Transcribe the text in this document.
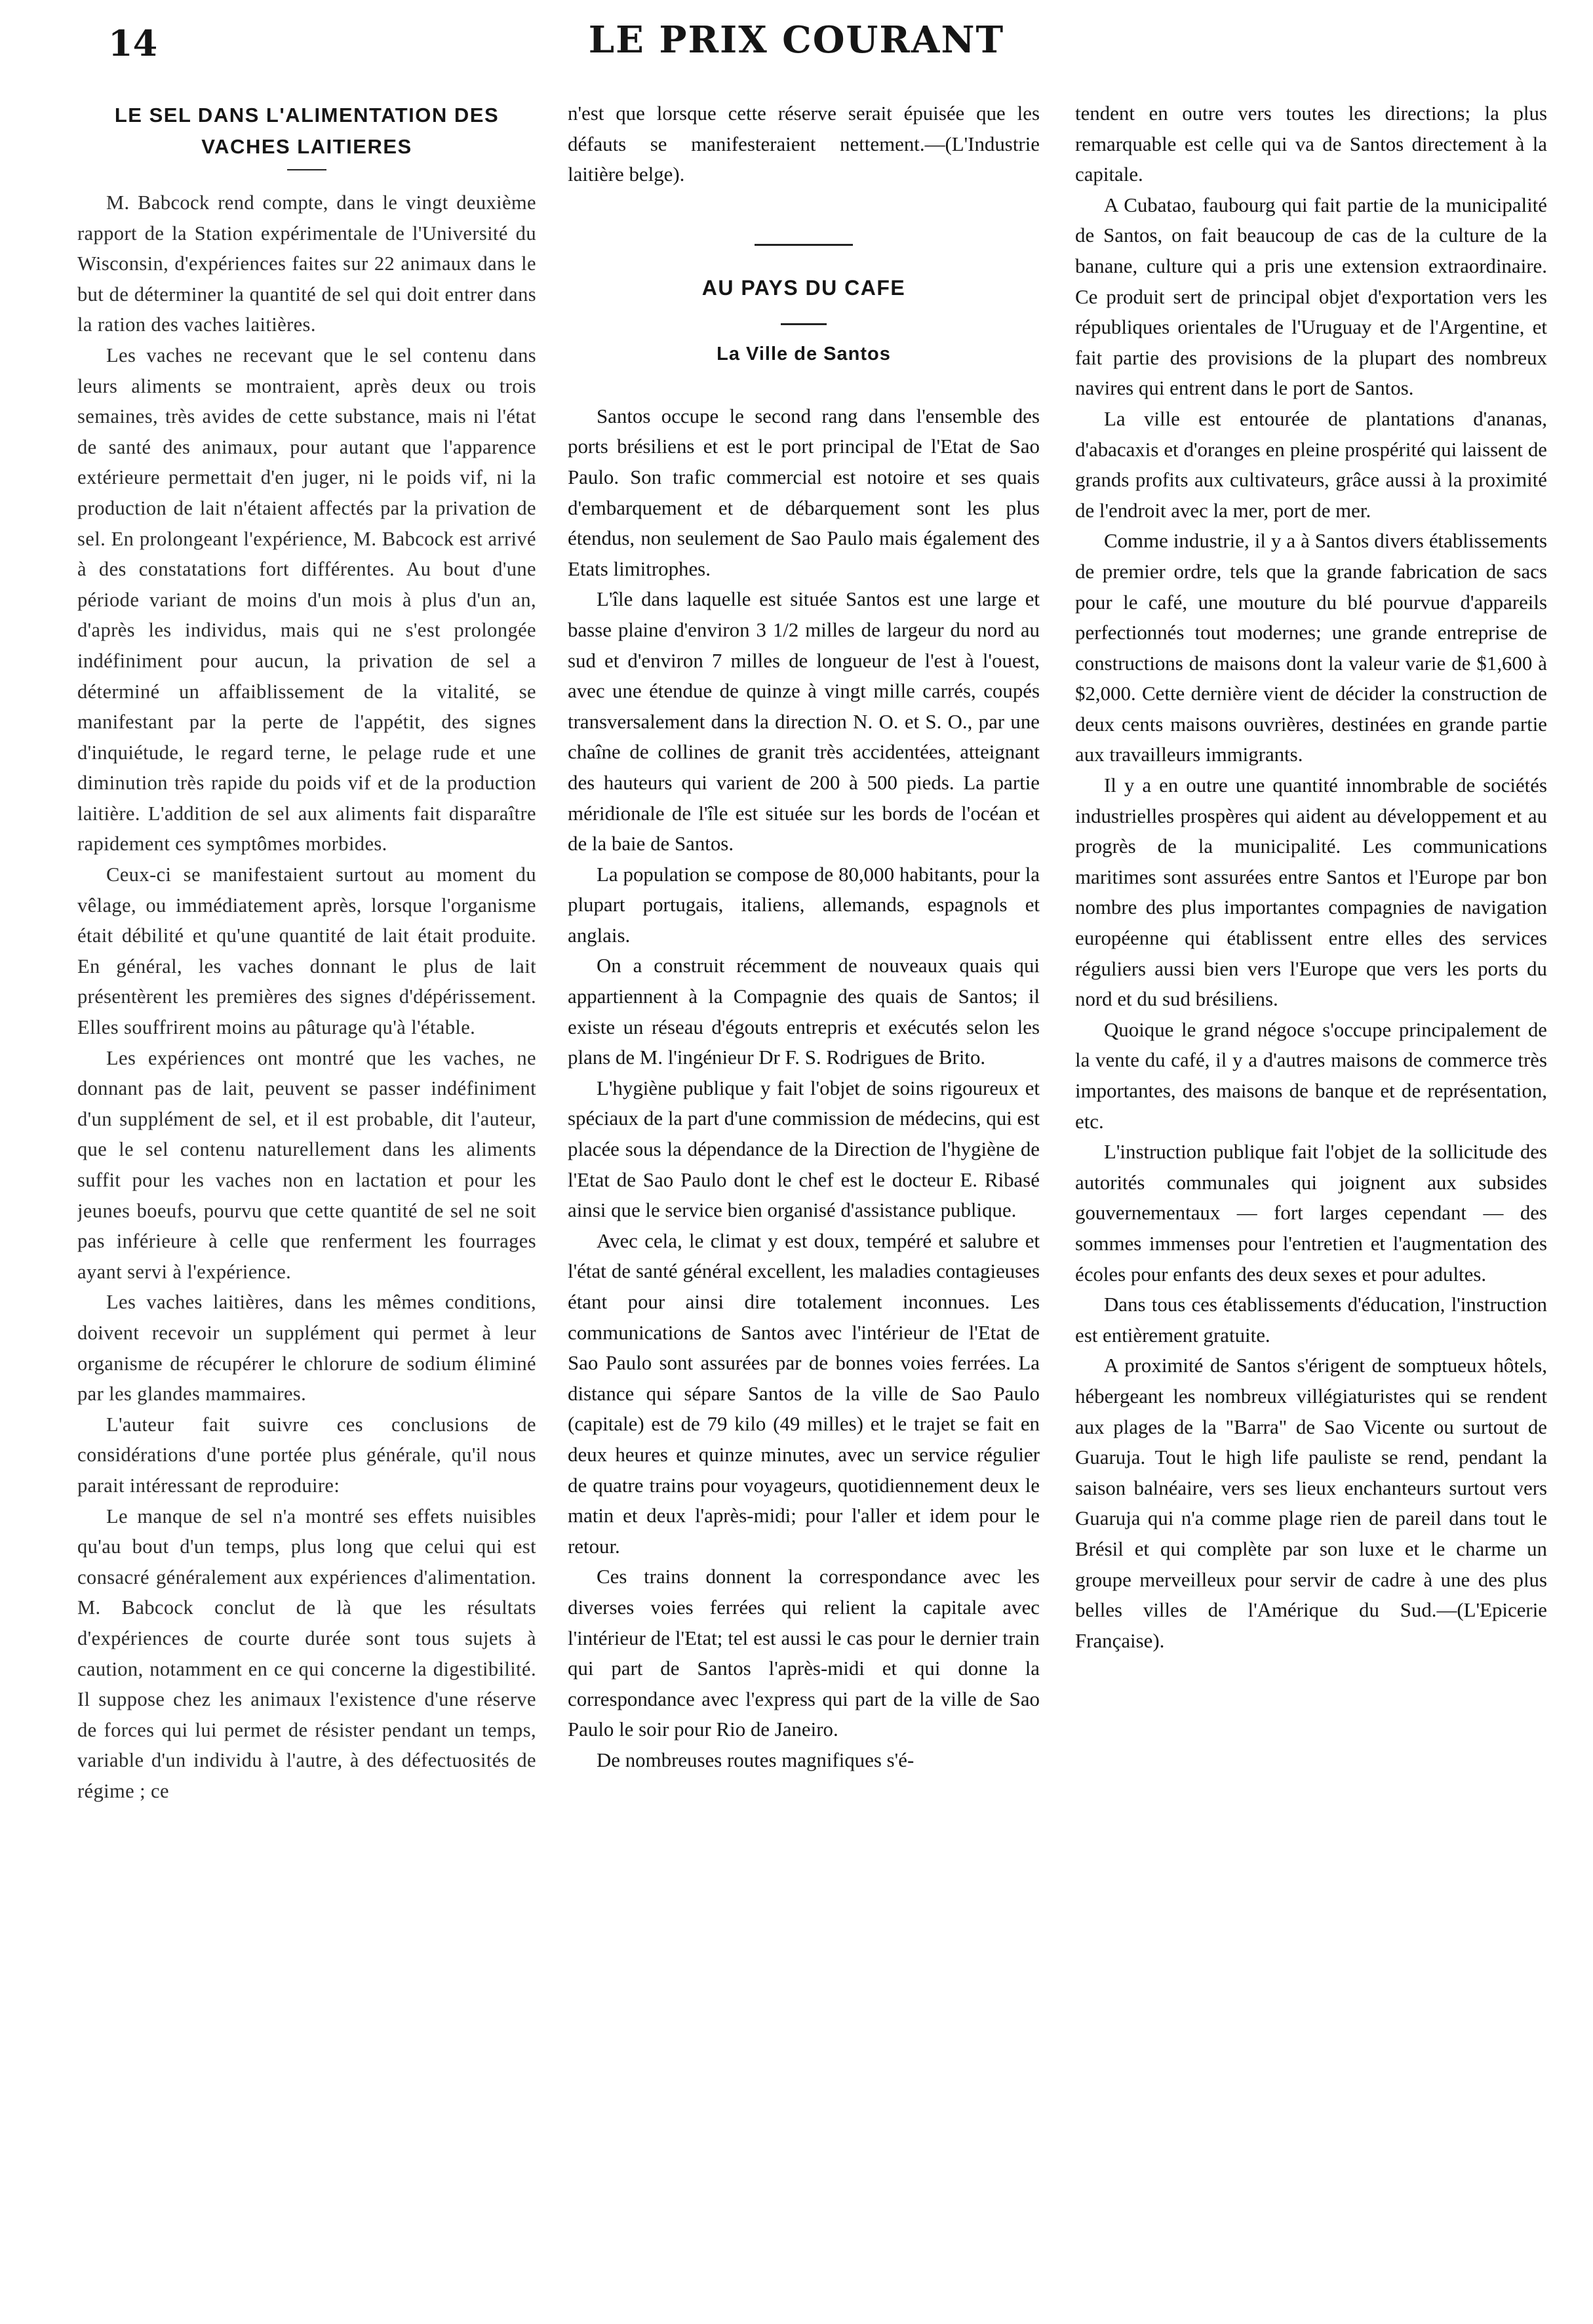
14	LE PRIX COURANT
LE SEL DANS L'ALIMENTATION DES VACHES LAITIERES

M. Babcock rend compte, dans le vingt deuxième rapport de la Station expérimentale de l'Université du Wisconsin, d'expériences faites sur 22 animaux dans le but de déterminer la quantité de sel qui doit entrer dans la ration des vaches laitières.

Les vaches ne recevant que le sel contenu dans leurs aliments se montraient, après deux ou trois semaines, très avides de cette substance, mais ni l'état de santé des animaux, pour autant que l'apparence extérieure permettait d'en juger, ni le poids vif, ni la production de lait n'étaient affectés par la privation de sel. En prolongeant l'expérience, M. Babcock est arrivé à des constatations fort différentes. Au bout d'une période variant de moins d'un mois à plus d'un an, d'après les individus, mais qui ne s'est prolongée indéfiniment pour aucun, la privation de sel a déterminé un affaiblissement de la vitalité, se manifestant par la perte de l'appétit, des signes d'inquiétude, le regard terne, le pelage rude et une diminution très rapide du poids vif et de la production laitière. L'addition de sel aux aliments fait disparaître rapidement ces symptômes morbides.

Ceux-ci se manifestaient surtout au moment du vêlage, ou immédiatement après, lorsque l'organisme était débilité et qu'une quantité de lait était produite. En général, les vaches donnant le plus de lait présentèrent les premières des signes d'dépérissement. Elles souffrirent moins au pâturage qu'à l'étable.

Les expériences ont montré que les vaches, ne donnant pas de lait, peuvent se passer indéfiniment d'un supplément de sel, et il est probable, dit l'auteur, que le sel contenu naturellement dans les aliments suffit pour les vaches non en lactation et pour les jeunes boeufs, pourvu que cette quantité de sel ne soit pas inférieure à celle que renferment les fourrages ayant servi à l'expérience.

Les vaches laitières, dans les mêmes conditions, doivent recevoir un supplément qui permet à leur organisme de récupérer le chlorure de sodium éliminé par les glandes mammaires.

L'auteur fait suivre ces conclusions de considérations d'une portée plus générale, qu'il nous parait intéressant de reproduire:

Le manque de sel n'a montré ses effets nuisibles qu'au bout d'un temps, plus long que celui qui est consacré généralement aux expériences d'alimentation. M. Babcock conclut de là que les résultats d'expériences de courte durée sont tous sujets à caution, notamment en ce qui concerne la digestibilité. Il suppose chez les animaux l'existence d'une réserve de forces qui lui permet de résister pendant un temps, variable d'un individu à l'autre, à des défectuosités de régime ; ce

n'est que lorsque cette réserve serait épuisée que les défauts se manifesteraient nettement.—(L'Industrie laitière belge).

AU PAYS DU CAFE
La Ville de Santos

Santos occupe le second rang dans l'ensemble des ports brésiliens et est le port principal de l'Etat de Sao Paulo. Son trafic commercial est notoire et ses quais d'embarquement et de débarquement sont les plus étendus, non seulement de Sao Paulo mais également des Etats limitrophes.

L'île dans laquelle est située Santos est une large et basse plaine d'environ 3 1/2 milles de largeur du nord au sud et d'environ 7 milles de longueur de l'est à l'ouest, avec une étendue de quinze à vingt mille carrés, coupés transversalement dans la direction N. O. et S. O., par une chaîne de collines de granit très accidentées, atteignant des hauteurs qui varient de 200 à 500 pieds. La partie méridionale de l'île est située sur les bords de l'océan et de la baie de Santos.

La population se compose de 80,000 habitants, pour la plupart portugais, italiens, allemands, espagnols et anglais.

On a construit récemment de nouveaux quais qui appartiennent à la Compagnie des quais de Santos; il existe un réseau d'égouts entrepris et exécutés selon les plans de M. l'ingénieur Dr F. S. Rodrigues de Brito.

L'hygiène publique y fait l'objet de soins rigoureux et spéciaux de la part d'une commission de médecins, qui est placée sous la dépendance de la Direction de l'hygiène de l'Etat de Sao Paulo dont le chef est le docteur E. Ribasé ainsi que le service bien organisé d'assistance publique.

Avec cela, le climat y est doux, tempéré et salubre et l'état de santé général excellent, les maladies contagieuses étant pour ainsi dire totalement inconnues. Les communications de Santos avec l'intérieur de l'Etat de Sao Paulo sont assurées par de bonnes voies ferrées. La distance qui sépare Santos de la ville de Sao Paulo (capitale) est de 79 kilo (49 milles) et le trajet se fait en deux heures et quinze minutes, avec un service régulier de quatre trains pour voyageurs, quotidiennement deux le matin et deux l'après-midi; pour l'aller et idem pour le retour.

Ces trains donnent la correspondance avec les diverses voies ferrées qui relient la capitale avec l'intérieur de l'Etat; tel est aussi le cas pour le dernier train qui part de Santos l'après-midi et qui donne la correspondance avec l'express qui part de la ville de Sao Paulo le soir pour Rio de Janeiro.

De nombreuses routes magnifiques s'é-

tendent en outre vers toutes les directions; la plus remarquable est celle qui va de Santos directement à la capitale.

A Cubatao, faubourg qui fait partie de la municipalité de Santos, on fait beaucoup de cas de la culture de la banane, culture qui a pris une extension extraordinaire. Ce produit sert de principal objet d'exportation vers les républiques orientales de l'Uruguay et de l'Argentine, et fait partie des provisions de la plupart des nombreux navires qui entrent dans le port de Santos.

La ville est entourée de plantations d'ananas, d'abacaxis et d'oranges en pleine prospérité qui laissent de grands profits aux cultivateurs, grâce aussi à la proximité de l'endroit avec la mer, port de mer.

Comme industrie, il y a à Santos divers établissements de premier ordre, tels que la grande fabrication de sacs pour le café, une mouture du blé pourvue d'appareils perfectionnés tout modernes; une grande entreprise de constructions de maisons dont la valeur varie de $1,600 à $2,000. Cette dernière vient de décider la construction de deux cents maisons ouvrières, destinées en grande partie aux travailleurs immigrants.

Il y a en outre une quantité innombrable de sociétés industrielles prospères qui aident au développement et au progrès de la municipalité. Les communications maritimes sont assurées entre Santos et l'Europe par bon nombre des plus importantes compagnies de navigation européenne qui établissent entre elles des services réguliers aussi bien vers l'Europe que vers les ports du nord et du sud brésiliens.

Quoique le grand négoce s'occupe principalement de la vente du café, il y a d'autres maisons de commerce très importantes, des maisons de banque et de représentation, etc.

L'instruction publique fait l'objet de la sollicitude des autorités communales qui joignent aux subsides gouvernementaux — fort larges cependant — des sommes immenses pour l'entretien et l'augmentation des écoles pour enfants des deux sexes et pour adultes.

Dans tous ces établissements d'éducation, l'instruction est entièrement gratuite.

A proximité de Santos s'érigent de somptueux hôtels, hébergeant les nombreux villégiaturistes qui se rendent aux plages de la "Barra" de Sao Vicente ou surtout de Guaruja. Tout le high life pauliste se rend, pendant la saison balnéaire, vers ses lieux enchanteurs surtout vers Guaruja qui n'a comme plage rien de pareil dans tout le Brésil et qui complète par son luxe et le charme un groupe merveilleux pour servir de cadre à une des plus belles villes de l'Amérique du Sud.—(L'Epicerie Française).
